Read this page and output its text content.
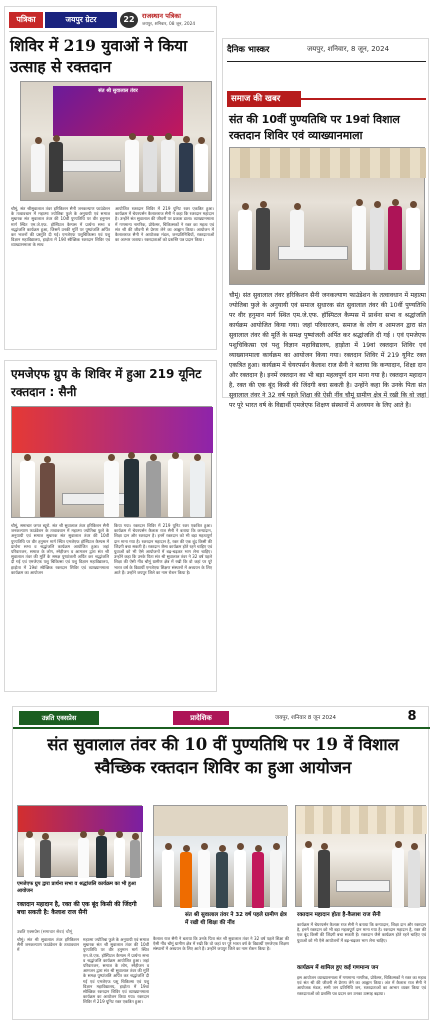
पत्रिका	जयपुर ग्रेटर	22	राजस्थान पत्रिका
जयपुर, शनिवार, 08 जून, 2024
शिविर में 219 युवाओं ने किया उत्साह से रक्तदान
संत श्री सुवालाल तंवर
चौमूं. संत श्रीसुवालाल तंवर हरिकिशन सैनी जनकल्याण फाउंडेशन के तत्वावधान में महात्मा ज्योतिबा फुले के अनुयायी एवं समाज सुधारक संत सुवालाल तंवर की 10वीं पुण्यतिथि पर वीर हनुमान मार्ग स्थित एम.जे.एफ. हॉस्पिटल कैम्पस में प्रार्थना सभा व श्रद्धांजलि कार्यक्रम हुआ, जिसमें उनकी मूर्ति पर पुष्पांजलि अर्पित कर भजनों की प्रस्तुति दी गई। एमजेएफ पशुचिकित्सा एवं पशु विज्ञान महाविद्यालय, हाड़ोता में 19वें स्वैच्छिक रक्तदान शिविर एवं व्याख्यानमाला के साथ
आयोजित रक्तदान शिविर में 219 यूनिट रक्त एकत्रित हुआ। कार्यक्रम में चेयरपर्सन कैलाशराज सैनी ने कहा कि रक्तदान महादान है। उन्होंने संत सुवालाल की जीवनी पर प्रकाश डाला। व्याख्यानमाला में गणमान्य नागरिक, प्रोफेसर, चिकित्सकों ने रक्त का महत्व एवं संत श्री की जीवनी से प्रेरणा लेने का आह्वान किया। आयोजन में कैलाशराज सैनी ने आयोजक मंडल, जनप्रतिनिधियों, रक्तदाताओं का आभार जताया। रक्तदाताओं को प्रशस्ति पत्र प्रदान किया।
दैनिक भास्कर	जयपुर, शनिवार, 8 जून, 2024
समाज की खबर
संत की 10वीं पुण्यतिथि पर 19वां विशाल रक्तदान शिविर एवं व्याख्यानमाला
चौमूं। संत सुवालाल तंवर हरिकिशन सैनी जनकल्याण फाउंडेशन के तत्वावधान में महात्मा ज्योतिबा फुले के अनुयायी एवं समाज सुधारक संत सुवालाल तंवर की 10वीं पुण्यतिथि पर वीर हनुमान मार्ग स्थित एम.जे.एफ. हॉस्पिटल कैम्पस में प्रार्थना सभा व श्रद्धांजलि कार्यक्रम आयोजित किया गया। जहां परिवारजन, समाज के लोग व आमजन द्वारा संत सुवालाल तंवर की मूर्ति के समक्ष पुष्पांजली अर्पित कर श्रद्धांजलि दी गई । एवं एमजेएफ पशुचिकित्सा एवं पशु विज्ञान महाविद्यालय, हाड़ोता में 19वां रक्तदान शिविर एवं व्याख्यानमाला कार्यक्रम का आयोजन किया गया। रक्तदान शिविर में 219 यूनिट रक्त एकत्रित हुआ। कार्यक्रम में चेयरपर्सन कैलाश राज सैनी ने बताया कि कन्यादान, शिक्षा दान और रक्तदान है। इनमें रक्तदान का भी बड़ा महत्वपूर्ण दान माना गया है। रक्तदान महादान है, रक्त की एक बूंद किसी की जिंदगी बचा सकती है। उन्होंने कहा कि उनके पिता संत सुवालाल तंवर ने 32 वर्ष पहले शिक्षा की ऐसी नींव चौमूं ग्रामीण क्षेत्र में रखी कि वो जहां पर पूरे भारत वर्ष के विद्यार्थी एमजेएफ शिक्षण संस्थानों में अध्ययन के लिए आते है।
एमजेएफ ग्रुप के शिविर में हुआ 219 यूनिट रक्तदान : सैनी
चौमूं, समाचार जगत ब्यूरो. संत श्री सुवालाल तंवर हरिकिशन सैनी जनकल्याण फाउंडेशन के तत्वावधान में महात्मा ज्योतिबा फुले के अनुयायी एवं समाज सुधारक संत सुवालाल तंवर की 10वीं पुण्यतिथि पर वीर हनुमान मार्ग स्थित एमजेएफ हॉस्पिटल कैम्पस में प्रार्थना सभा व श्रद्धांजलि कार्यक्रम आयोजित हुआ। जहां परिवारजन, समाज के लोग, स्नेहीजन व आमजन द्वारा संत श्री सुवालाल तंवर की मूर्ति के समक्ष पुष्पांजली अर्पित कर श्रद्धांजलि दी गई एवं एमजेएफ पशु चिकित्सा एवं पशु विज्ञान महाविद्यालय, हाड़ोता में 19वां स्वैच्छिक रक्तदान शिविर एवं व्याख्यानमाला कार्यक्रम का आयोजन
किया गया। रक्तदान शिविर में 219 यूनिट रक्त एकत्रित हुआ। कार्यक्रम में चेयरपर्सन कैलाश राज सैनी ने बताया कि कन्यादान, शिक्षा दान और रक्तदान है। इनमें रक्तदान को भी बड़ा महत्वपूर्ण दान माना गया है। रक्तदान महादान है, रक्त की एक बूंद किसी की जिंदगी बचा सकती है। रक्तदान जैसा कार्यक्रम होते रहने चाहिए एवं युवाओं को भी ऐसे आयोजनों में बढ़-चढ़कर भाग लेना चाहिए। उन्होंने कहा कि उनके पिता संत श्री सुवालाल तंवर ने 32 वर्ष पहले शिक्षा की ऐसी नींव चौमूं ग्रामीण क्षेत्र में रखी कि वो जहां पर पूरे भारत वर्ष के विद्यार्थी एमजेएफ शिक्षण संस्थानों में अध्ययन के लिए आते हैं। उन्होंने जयपुर जिले का नाम रोशन किया है।
उन्नति एक्सप्रेस	प्रादेशिक	जयपुर, शनिवार 8 जून 2024	8
संत सुवालाल तंवर की 10 वीं पुण्यतिथि पर 19 वें विशाल स्वैच्छिक रक्तदान शिविर का हुआ आयोजन
एमजेएफ ग्रुप द्वारा प्रार्थना सभा व श्रद्धांजलि कार्यक्रम का भी हुआ आयोजन
रक्तदान महादान है, रक्त की एक बूंद किसी की जिंदगी बचा सकती है: कैलाश राज सैनी
उन्नति एक्सप्रेस (समाचार सेवा) चौमूं
चौमूं। संत श्री सुवालाल तंवर हरिकिशन सैनी जनकल्याण फाउंडेशन के तत्वावधान में
महात्मा ज्योतिबा फुले के अनुयायी एवं समाज सुधारक संत श्री सुवालाल तंवर की 10वीं पुण्यतिथि पर वीर हनुमान मार्ग स्थित एम.जे.एफ. हॉस्पिटल कैम्पस में प्रार्थना सभा व श्रद्धांजलि कार्यक्रम आयोजित हुआ। जहां परिवारजन, समाज के लोग, स्नेहीजन व आमजन द्वारा संत श्री सुवालाल तंवर की मूर्ति के समक्ष पुष्पांजलि अर्पित कर श्रद्धांजलि दी गई एवं एमजेएफ पशु चिकित्सा एवं पशु विज्ञान महाविद्यालय, हाड़ोता में 19वां स्वैच्छिक रक्तदान शिविर एवं व्याख्यानमाला कार्यक्रम का आयोजन किया गया। रक्तदान शिविर में 219 यूनिट रक्त एकत्रित हुआ।
संत श्री सुवालाल तंवर ने 32 वर्ष पहले ग्रामीण क्षेत्र में रखी थी शिक्षा की नींव
कैलाश राज सैनी ने बताया कि उनके पिता संत श्री सुवालाल तंवर ने 32 वर्ष पहले शिक्षा की ऐसी नींव चौमूं ग्रामीण क्षेत्र में रखी कि वो जहां पर पूरे भारत वर्ष के विद्यार्थी एमजेएफ शिक्षण संस्थानों में अध्ययन के लिए आते हैं। उन्होंने जयपुर जिले का नाम रोशन किया है।
रक्तदान महादान होता है-कैलाश राज सैनी
कार्यक्रम में चेयरपर्सन कैलाश राज सैनी ने बताया कि कन्यादान, शिक्षा दान और रक्तदान है, इनमें रक्तदान को भी बड़ा महत्वपूर्ण दान माना गया है। रक्तदान महादान है, रक्त की एक बूंद किसी की जिंदगी बचा सकती है। रक्तदान जैसे कार्यक्रम होते रहने चाहिए एवं युवाओं को भी ऐसे आयोजनों में बढ़-चढ़कर भाग लेना चाहिए।
कार्यक्रम में शामिल हुए कई गणमान्य जन
इस आयोजन व्याख्यानमाला में गणमान्य नागरिक, प्रोफेसर, चिकित्सकों ने रक्त का महत्व एवं संत श्री की जीवनी से प्रेरणा लेने का आह्वान किया। अंत में कैलाश राज सैनी ने आयोजक मंडल, सभी जन प्रतिनिधि जन, रक्तदाताओं का आभार व्यक्त किया एवं रक्तदाताओं को प्रशस्ति पत्र प्रदान कर उनका उत्साह बढ़ाया।
